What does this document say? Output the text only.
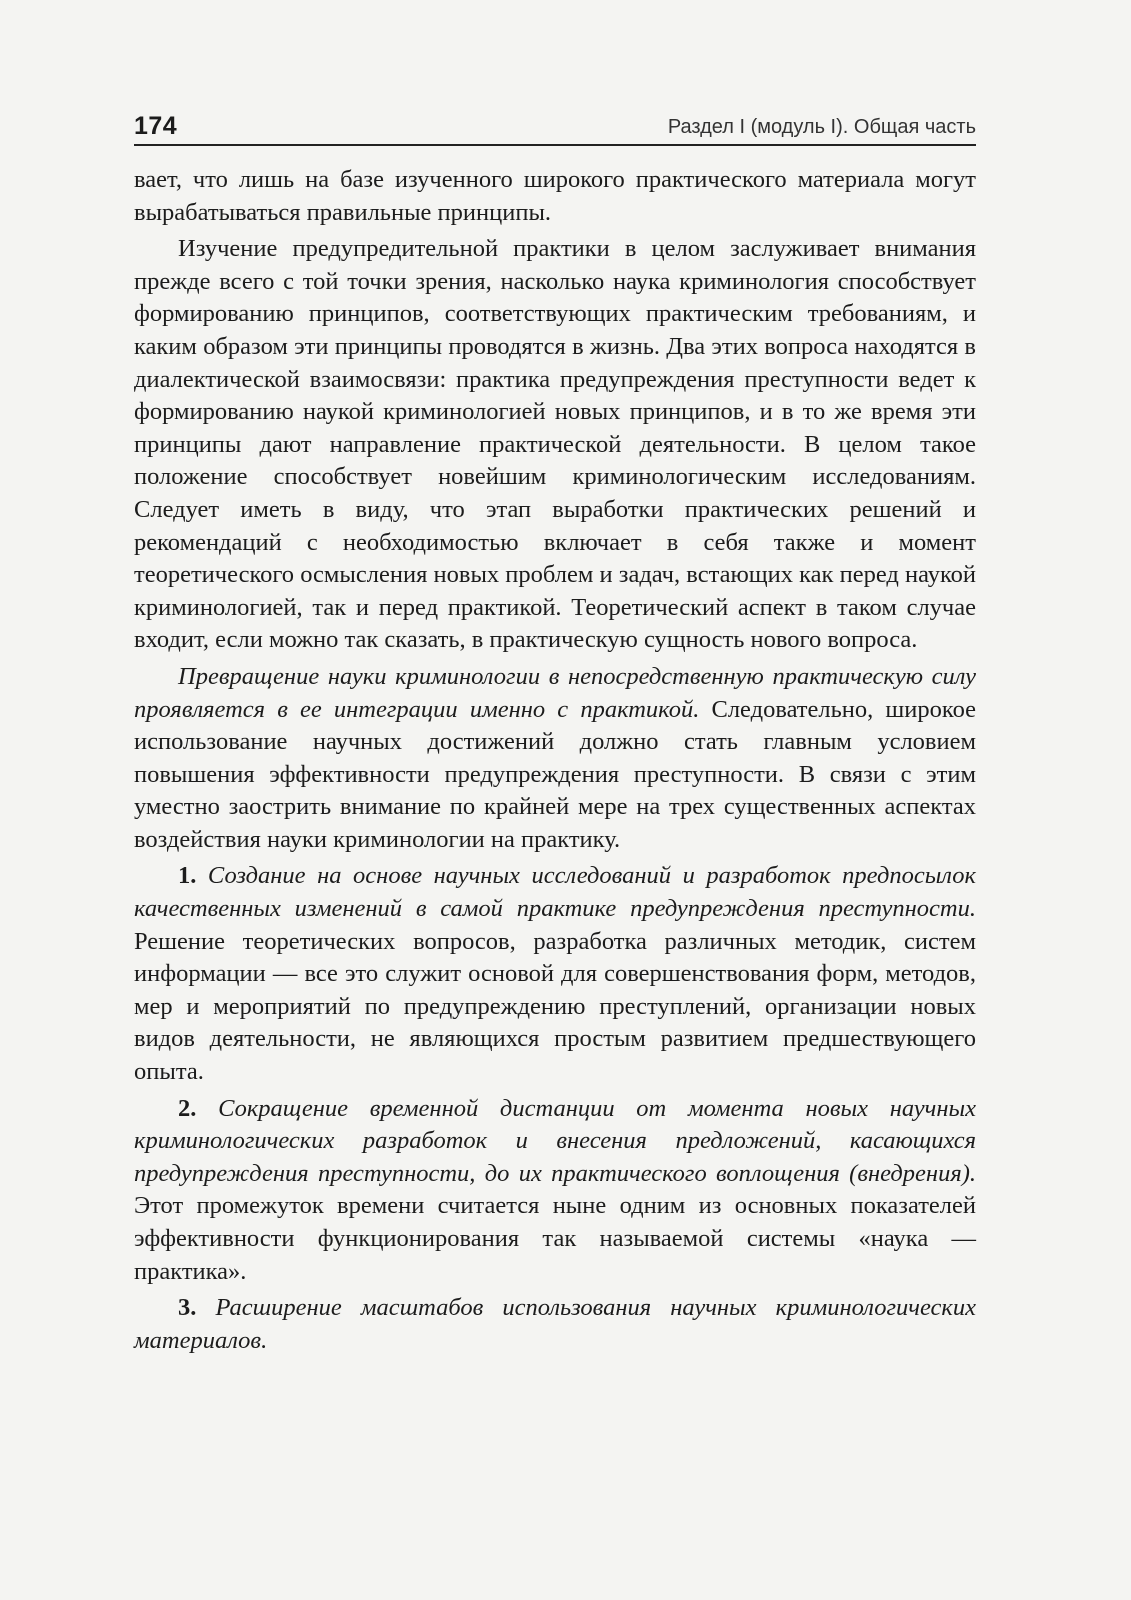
174	Раздел I (модуль I). Общая часть

вает, что лишь на базе изученного широкого практического материала могут вырабатываться правильные принципы.

Изучение предупредительной практики в целом заслуживает внимания прежде всего с той точки зрения, насколько наука криминология способствует формированию принципов, соответствующих практическим требованиям, и каким образом эти принципы проводятся в жизнь. Два этих вопроса находятся в диалектической взаимосвязи: практика предупреждения преступности ведет к формированию наукой криминологией новых принципов, и в то же время эти принципы дают направление практической деятельности. В целом такое положение способствует новейшим криминологическим исследованиям. Следует иметь в виду, что этап выработки практических решений и рекомендаций с необходимостью включает в себя также и момент теоретического осмысления новых проблем и задач, встающих как перед наукой криминологией, так и перед практикой. Теоретический аспект в таком случае входит, если можно так сказать, в практическую сущность нового вопроса.

Превращение науки криминологии в непосредственную практическую силу проявляется в ее интеграции именно с практикой. Следовательно, широкое использование научных достижений должно стать главным условием повышения эффективности предупреждения преступности. В связи с этим уместно заострить внимание по крайней мере на трех существенных аспектах воздействия науки криминологии на практику.

1. Создание на основе научных исследований и разработок предпосылок качественных изменений в самой практике предупреждения преступности. Решение теоретических вопросов, разработка различных методик, систем информации — все это служит основой для совершенствования форм, методов, мер и мероприятий по предупреждению преступлений, организации новых видов деятельности, не являющихся простым развитием предшествующего опыта.

2. Сокращение временной дистанции от момента новых научных криминологических разработок и внесения предложений, касающихся предупреждения преступности, до их практического воплощения (внедрения). Этот промежуток времени считается ныне одним из основных показателей эффективности функционирования так называемой системы «наука — практика».

3. Расширение масштабов использования научных криминологических материалов.
